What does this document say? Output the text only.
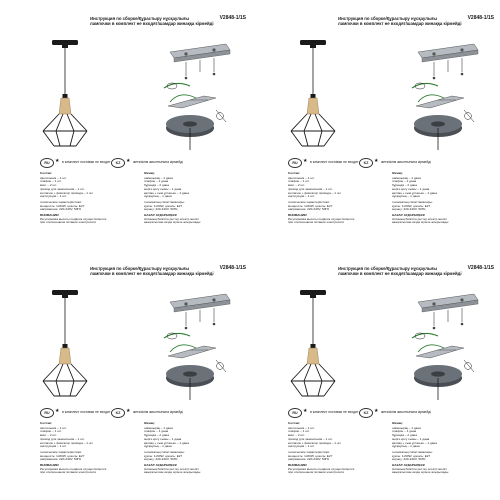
Инструкция по сборке/Құрастыру нұсқаулығы	V2848-1/1S
лампочки в комплект не входят/шамдар жинаққа кірмейді
RU	★ в комплект поставки не входит	KZ	★ жеткізілім жиынтығына кірмейді
Состав:
светильник – 1 шт.
плафон – 1 шт.
винт – 2 шт.
провод для заземления – 1 шт.
колпачок + фиксатор провода – 1 шт.
инструкция – 1 шт.
технические характеристики:
мощность: 1x60W, цоколь: E27
напряжение: 220-240V, 50Hz
ВНИМАНИЕ!
Регулировка высоты подвеса осуществляется
при отключенном питании электросети
Жинақ:
шамшырақ – 1 дана
плафон – 1 дана
бұранда – 2 дана
жерге қосу сымы – 1 дана
қалпақ + сым ұстағыш – 1 дана
нұсқаулық – 1 дана
техникалық сипаттамалары:
қуаты: 1x60W, цоколь: E27
кернеу: 220-240V, 50Hz
НАЗАР АУДАРЫҢЫЗ!
Аспаның биіктігін реттеу электр желісі
ажыратылған кезде жүзеге асырылады
Инструкция по сборке/Құрастыру нұсқаулығы	V2848-1/1S
лампочки в комплект не входят/шамдар жинаққа кірмейді
RU	★ в комплект поставки не входит	KZ	★ жеткізілім жиынтығына кірмейді
Состав:
светильник – 1 шт.
плафон – 1 шт.
винт – 2 шт.
провод для заземления – 1 шт.
колпачок + фиксатор провода – 1 шт.
инструкция – 1 шт.
технические характеристики:
мощность: 1x60W, цоколь: E27
напряжение: 220-240V, 50Hz
ВНИМАНИЕ!
Регулировка высоты подвеса осуществляется
при отключенном питании электросети
Жинақ:
шамшырақ – 1 дана
плафон – 1 дана
бұранда – 2 дана
жерге қосу сымы – 1 дана
қалпақ + сым ұстағыш – 1 дана
нұсқаулық – 1 дана
техникалық сипаттамалары:
қуаты: 1x60W, цоколь: E27
кернеу: 220-240V, 50Hz
НАЗАР АУДАРЫҢЫЗ!
Аспаның биіктігін реттеу электр желісі
ажыратылған кезде жүзеге асырылады
Инструкция по сборке/Құрастыру нұсқаулығы	V2848-1/1S
лампочки в комплект не входят/шамдар жинаққа кірмейді
RU	★ в комплект поставки не входит	KZ	★ жеткізілім жиынтығына кірмейді
Состав:
светильник – 1 шт.
плафон – 1 шт.
винт – 2 шт.
провод для заземления – 1 шт.
колпачок + фиксатор провода – 1 шт.
инструкция – 1 шт.
технические характеристики:
мощность: 1x60W, цоколь: E27
напряжение: 220-240V, 50Hz
ВНИМАНИЕ!
Регулировка высоты подвеса осуществляется
при отключенном питании электросети
Жинақ:
шамшырақ – 1 дана
плафон – 1 дана
бұранда – 2 дана
жерге қосу сымы – 1 дана
қалпақ + сым ұстағыш – 1 дана
нұсқаулық – 1 дана
техникалық сипаттамалары:
қуаты: 1x60W, цоколь: E27
кернеу: 220-240V, 50Hz
НАЗАР АУДАРЫҢЫЗ!
Аспаның биіктігін реттеу электр желісі
ажыратылған кезде жүзеге асырылады
Инструкция по сборке/Құрастыру нұсқаулығы	V2848-1/1S
лампочки в комплект не входят/шамдар жинаққа кірмейді
RU	★ в комплект поставки не входит	KZ	★ жеткізілім жиынтығына кірмейді
Состав:
светильник – 1 шт.
плафон – 1 шт.
винт – 2 шт.
провод для заземления – 1 шт.
колпачок + фиксатор провода – 1 шт.
инструкция – 1 шт.
технические характеристики:
мощность: 1x60W, цоколь: E27
напряжение: 220-240V, 50Hz
ВНИМАНИЕ!
Регулировка высоты подвеса осуществляется
при отключенном питании электросети
Жинақ:
шамшырақ – 1 дана
плафон – 1 дана
бұранда – 2 дана
жерге қосу сымы – 1 дана
қалпақ + сым ұстағыш – 1 дана
нұсқаулық – 1 дана
техникалық сипаттамалары:
қуаты: 1x60W, цоколь: E27
кернеу: 220-240V, 50Hz
НАЗАР АУДАРЫҢЫЗ!
Аспаның биіктігін реттеу электр желісі
ажыратылған кезде жүзеге асырылады
